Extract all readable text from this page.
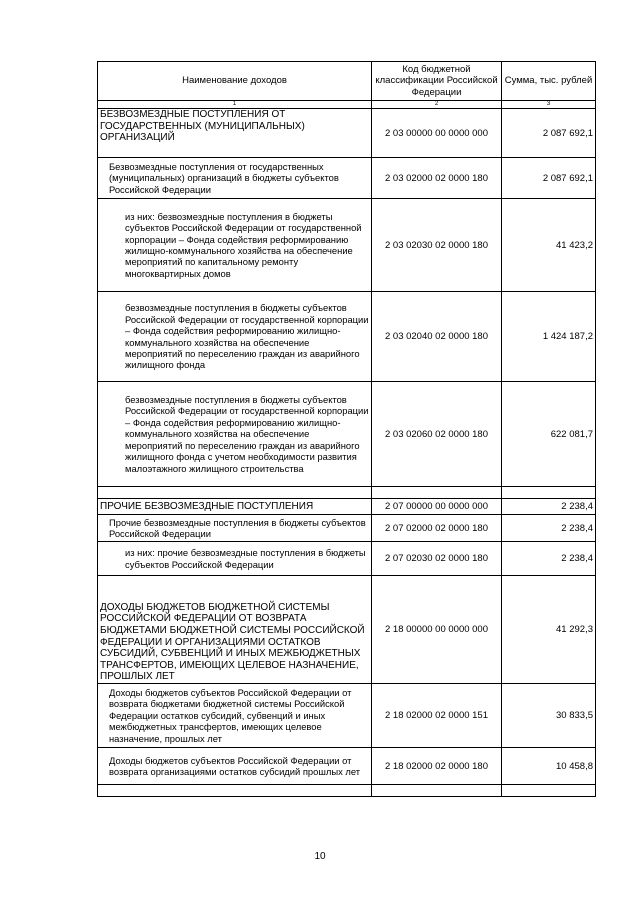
Наименование доходов	Код бюджетной классификации Российской Федерации	Сумма, тыс. рублей
1	2	3
БЕЗВОЗМЕЗДНЫЕ ПОСТУПЛЕНИЯ ОТ ГОСУДАРСТВЕННЫХ (МУНИЦИПАЛЬНЫХ) ОРГАНИЗАЦИЙ	2 03 00000 00 0000 000	2 087 692,1
Безвозмездные поступления от государственных (муниципальных) организаций в бюджеты субъектов Российской Федерации	2 03 02000 02 0000 180	2 087 692,1
из них: безвозмездные поступления в бюджеты субъектов Российской Федерации от государственной корпорации – Фонда содействия реформированию жилищно-коммунального хозяйства на обеспечение мероприятий по капитальному ремонту многоквартирных домов	2 03 02030 02 0000 180	41 423,2
безвозмездные поступления в бюджеты субъектов Российской Федерации от государственной корпорации – Фонда содействия реформированию жилищно-коммунального хозяйства на обеспечение мероприятий по переселению граждан из аварийного жилищного фонда	2 03 02040 02 0000 180	1 424 187,2
безвозмездные поступления в бюджеты субъектов Российской Федерации от государственной корпорации – Фонда содействия реформированию жилищно-коммунального хозяйства на обеспечение мероприятий по переселению граждан из аварийного жилищного фонда с учетом необходимости развития малоэтажного жилищного строительства	2 03 02060 02 0000 180	622 081,7

ПРОЧИЕ БЕЗВОЗМЕЗДНЫЕ ПОСТУПЛЕНИЯ	2 07 00000 00 0000 000	2 238,4
Прочие безвозмездные поступления в бюджеты субъектов Российской Федерации	2 07 02000 02 0000 180	2 238,4
из них: прочие безвозмездные поступления в бюджеты субъектов Российской Федерации	2 07 02030 02 0000 180	2 238,4
ДОХОДЫ БЮДЖЕТОВ БЮДЖЕТНОЙ СИСТЕМЫ РОССИЙСКОЙ ФЕДЕРАЦИИ ОТ ВОЗВРАТА БЮДЖЕТАМИ БЮДЖЕТНОЙ СИСТЕМЫ РОССИЙСКОЙ ФЕДЕРАЦИИ И ОРГАНИЗАЦИЯМИ ОСТАТКОВ СУБСИДИЙ, СУБВЕНЦИЙ И ИНЫХ МЕЖБЮДЖЕТНЫХ ТРАНСФЕРТОВ, ИМЕЮЩИХ ЦЕЛЕВОЕ НАЗНАЧЕНИЕ, ПРОШЛЫХ ЛЕТ	2 18 00000 00 0000 000	41 292,3
Доходы бюджетов субъектов Российской Федерации от возврата бюджетами бюджетной системы Российской Федерации остатков субсидий, субвенций и иных межбюджетных трансфертов, имеющих целевое назначение, прошлых лет	2 18 02000 02 0000 151	30 833,5
Доходы бюджетов субъектов Российской Федерации от возврата организациями остатков субсидий прошлых лет	2 18 02000 02 0000 180	10 458,8

10
